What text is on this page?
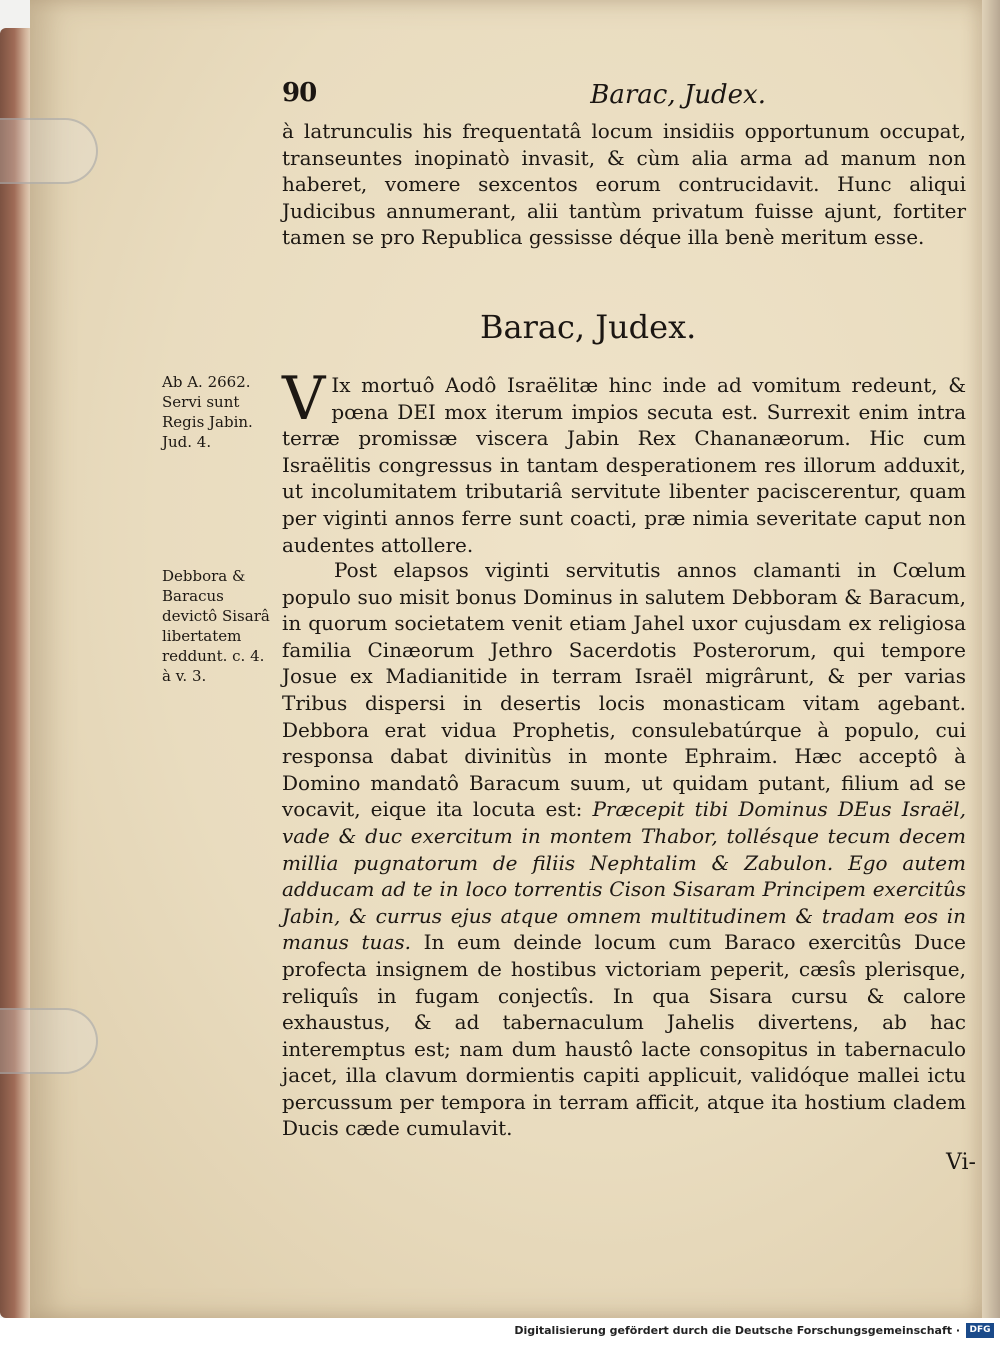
90	Barac, Judex.

à latrunculis his frequentatâ locum insidiis opportunum occupat, transeuntes inopinatò invasit, & cùm alia arma ad manum non haberet, vomere sexcentos eorum contrucidavit. Hunc aliqui Judicibus annumerant, alii tantùm privatum fuisse ajunt, fortiter tamen se pro Republica gessisse déque illa benè meritum esse.

Barac, Judex.
Ab A. 2662. Servi sunt Regis Jabin. Jud. 4.

V Ix mortuô Aodô Israëlitæ hinc inde ad vomitum redeunt, & pœna DEI mox iterum impios secuta est. Surrexit enim intra terræ promissæ viscera Jabin Rex Chananæorum. Hic cum Israëlitis congressus in tantam desperationem res illorum adduxit, ut incolumitatem tributariâ servitute libenter paciscerentur, quam per viginti annos ferre sunt coacti, præ nimia severitate caput non audentes attollere.

Debbora & Baracus devictô Sisarâ libertatem reddunt. c. 4. à v. 3.

Post elapsos viginti servitutis annos clamanti in Cœlum populo suo misit bonus Dominus in salutem Debboram & Baracum, in quorum societatem venit etiam Jahel uxor cujusdam ex religiosa familia Cinæorum Jethro Sacerdotis Posterorum, qui tempore Josue ex Madianitide in terram Israël migrârunt, & per varias Tribus dispersi in desertis locis monasticam vitam agebant. Debbora erat vidua Prophetis, consulebatúrque à populo, cui responsa dabat divinitùs in monte Ephraim. Hæc acceptô à Domino mandatô Baracum suum, ut quidam putant, filium ad se vocavit, eique ita locuta est: Præcepit tibi Dominus DEus Israël, vade & duc exercitum in montem Thabor, tollésque tecum decem millia pugnatorum de filiis Nephtalim & Zabulon. Ego autem adducam ad te in loco torrentis Cison Sisaram Principem exercitûs Jabin, & currus ejus atque omnem multitudinem & tradam eos in manus tuas. In eum deinde locum cum Baraco exercitûs Duce profecta insignem de hostibus victoriam peperit, cæsîs plerisque, reliquîs in fugam conjectîs. In qua Sisara cursu & calore exhaustus, & ad tabernaculum Jahelis divertens, ab hac interemptus est; nam dum haustô lacte consopitus in tabernaculo jacet, illa clavum dormientis capiti applicuit, validóque mallei ictu percussum per tempora in terram afficit, atque ita hostium cladem Ducis cæde cumulavit.

Vi-
Digitalisierung gefördert durch die Deutsche Forschungsgemeinschaft ·	DFG
